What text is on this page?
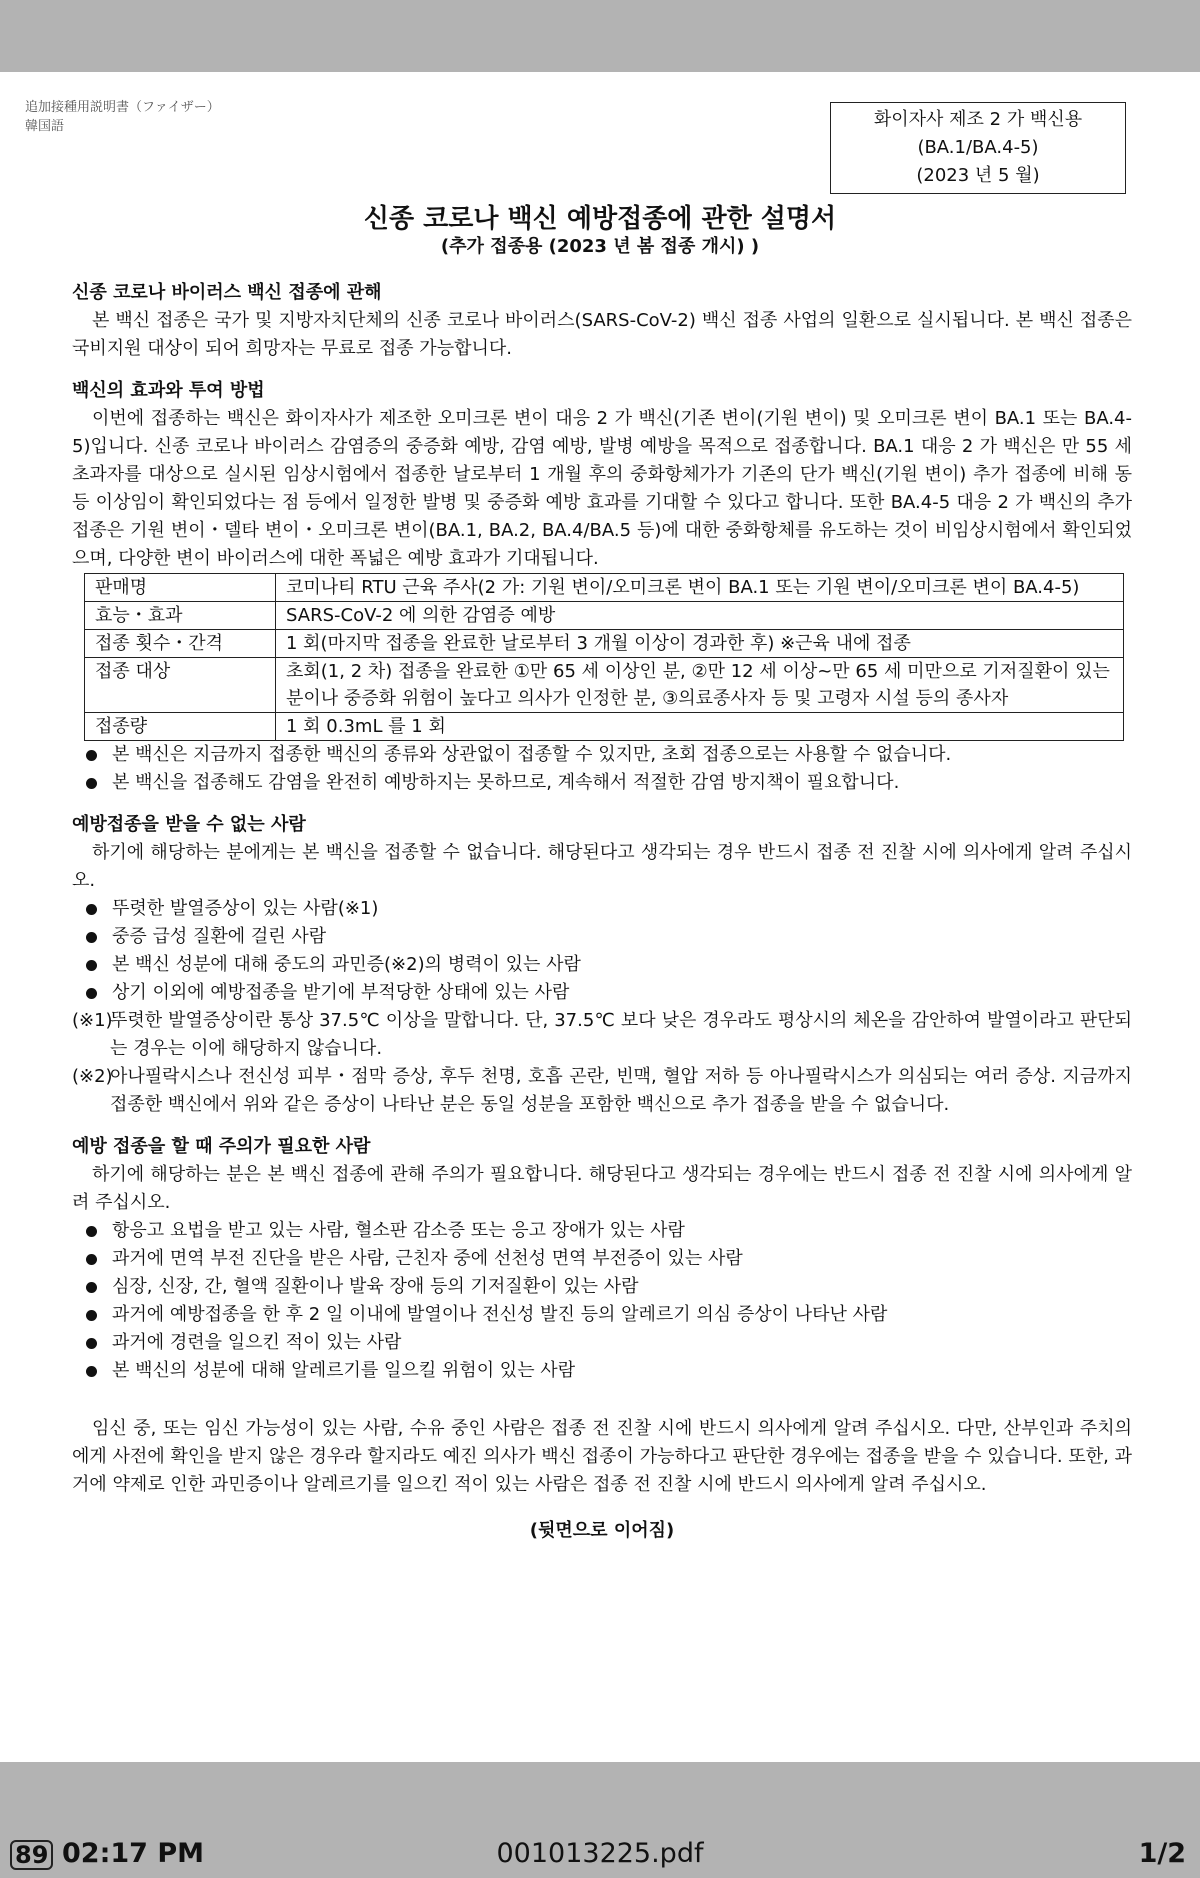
追加接種用説明書（ファイザー）
韓国語	화이자사 제조 2 가 백신용
(BA.1/BA.4-5)
(2023 년 5 월)
신종 코로나 백신 예방접종에 관한 설명서
(추가 접종용 (2023 년 봄 접종 개시) )
신종 코로나 바이러스 백신 접종에 관해

본 백신 접종은 국가 및 지방자치단체의 신종 코로나 바이러스(SARS-CoV-2) 백신 접종 사업의 일환으로 실시됩니다. 본 백신 접종은 국비지원 대상이 되어 희망자는 무료로 접종 가능합니다.

백신의 효과와 투여 방법

이번에 접종하는 백신은 화이자사가 제조한 오미크론 변이 대응 2 가 백신(기존 변이(기원 변이) 및 오미크론 변이 BA.1 또는 BA.4-5)입니다. 신종 코로나 바이러스 감염증의 중증화 예방, 감염 예방, 발병 예방을 목적으로 접종합니다. BA.1 대응 2 가 백신은 만 55 세 초과자를 대상으로 실시된 임상시험에서 접종한 날로부터 1 개월 후의 중화항체가가 기존의 단가 백신(기원 변이) 추가 접종에 비해 동등 이상임이 확인되었다는 점 등에서 일정한 발병 및 중증화 예방 효과를 기대할 수 있다고 합니다. 또한 BA.4-5 대응 2 가 백신의 추가 접종은 기원 변이・델타 변이・오미크론 변이(BA.1, BA.2, BA.4/BA.5 등)에 대한 중화항체를 유도하는 것이 비임상시험에서 확인되었으며, 다양한 변이 바이러스에 대한 폭넓은 예방 효과가 기대됩니다.

판매명	코미나티 RTU 근육 주사(2 가: 기원 변이/오미크론 변이 BA.1 또는 기원 변이/오미크론 변이 BA.4-5)
효능・효과	SARS-CoV-2 에 의한 감염증 예방
접종 횟수・간격	1 회(마지막 접종을 완료한 날로부터 3 개월 이상이 경과한 후) ※근육 내에 접종
접종 대상	초회(1, 2 차) 접종을 완료한 ①만 65 세 이상인 분, ②만 12 세 이상~만 65 세 미만으로 기저질환이 있는 분이나 중증화 위험이 높다고 의사가 인정한 분, ③의료종사자 등 및 고령자 시설 등의 종사자
접종량	1 회 0.3mL 를 1 회
본 백신은 지금까지 접종한 백신의 종류와 상관없이 접종할 수 있지만, 초회 접종으로는 사용할 수 없습니다.
본 백신을 접종해도 감염을 완전히 예방하지는 못하므로, 계속해서 적절한 감염 방지책이 필요합니다.
예방접종을 받을 수 없는 사람

하기에 해당하는 분에게는 본 백신을 접종할 수 없습니다. 해당된다고 생각되는 경우 반드시 접종 전 진찰 시에 의사에게 알려 주십시오.

뚜렷한 발열증상이 있는 사람(※1)
중증 급성 질환에 걸린 사람
본 백신 성분에 대해 중도의 과민증(※2)의 병력이 있는 사람
상기 이외에 예방접종을 받기에 부적당한 상태에 있는 사람
(※1)
뚜렷한 발열증상이란 통상 37.5℃ 이상을 말합니다. 단, 37.5℃ 보다 낮은 경우라도 평상시의 체온을 감안하여 발열이라고 판단되는 경우는 이에 해당하지 않습니다.
(※2)
아나필락시스나 전신성 피부・점막 증상, 후두 천명, 호흡 곤란, 빈맥, 혈압 저하 등 아나필락시스가 의심되는 여러 증상. 지금까지 접종한 백신에서 위와 같은 증상이 나타난 분은 동일 성분을 포함한 백신으로 추가 접종을 받을 수 없습니다.
예방 접종을 할 때 주의가 필요한 사람

하기에 해당하는 분은 본 백신 접종에 관해 주의가 필요합니다. 해당된다고 생각되는 경우에는 반드시 접종 전 진찰 시에 의사에게 알려 주십시오.

항응고 요법을 받고 있는 사람, 혈소판 감소증 또는 응고 장애가 있는 사람
과거에 면역 부전 진단을 받은 사람, 근친자 중에 선천성 면역 부전증이 있는 사람
심장, 신장, 간, 혈액 질환이나 발육 장애 등의 기저질환이 있는 사람
과거에 예방접종을 한 후 2 일 이내에 발열이나 전신성 발진 등의 알레르기 의심 증상이 나타난 사람
과거에 경련을 일으킨 적이 있는 사람
본 백신의 성분에 대해 알레르기를 일으킬 위험이 있는 사람

임신 중, 또는 임신 가능성이 있는 사람, 수유 중인 사람은 접종 전 진찰 시에 반드시 의사에게 알려 주십시오. 다만, 산부인과 주치의에게 사전에 확인을 받지 않은 경우라 할지라도 예진 의사가 백신 접종이 가능하다고 판단한 경우에는 접종을 받을 수 있습니다. 또한, 과거에 약제로 인한 과민증이나 알레르기를 일으킨 적이 있는 사람은 접종 전 진찰 시에 반드시 의사에게 알려 주십시오.

(뒷면으로 이어짐)
89 02:17 PM	001013225.pdf	1/2
